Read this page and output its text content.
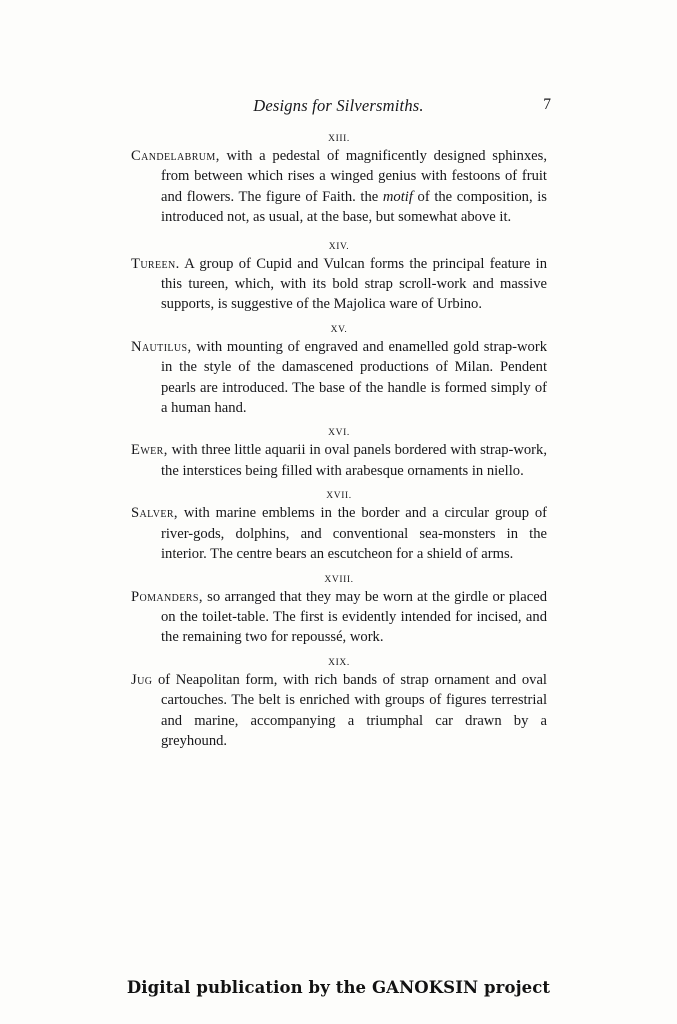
Designs for Silversmiths.	7
XIII.

Candelabrum, with a pedestal of magnificently designed sphinxes, from between which rises a winged genius with festoons of fruit and flowers. The figure of Faith. the motif of the composition, is introduced not, as usual, at the base, but somewhat above it.

XIV.

Tureen. A group of Cupid and Vulcan forms the principal feature in this tureen, which, with its bold strap scroll-work and massive supports, is suggestive of the Majolica ware of Urbino.

XV.

Nautilus, with mounting of engraved and enamelled gold strap-work in the style of the damascened productions of Milan. Pendent pearls are introduced. The base of the handle is formed simply of a human hand.

XVI.

Ewer, with three little aquarii in oval panels bordered with strap-work, the interstices being filled with arabesque ornaments in niello.

XVII.

Salver, with marine emblems in the border and a circular group of river-gods, dolphins, and conventional sea-monsters in the interior. The centre bears an escutcheon for a shield of arms.

XVIII.

Pomanders, so arranged that they may be worn at the girdle or placed on the toilet-table. The first is evidently intended for incised, and the remaining two for repoussé, work.

XIX.

Jug of Neapolitan form, with rich bands of strap ornament and oval cartouches. The belt is enriched with groups of figures terrestrial and marine, accompanying a triumphal car drawn by a greyhound.

Digital publication by the GANOKSIN project
